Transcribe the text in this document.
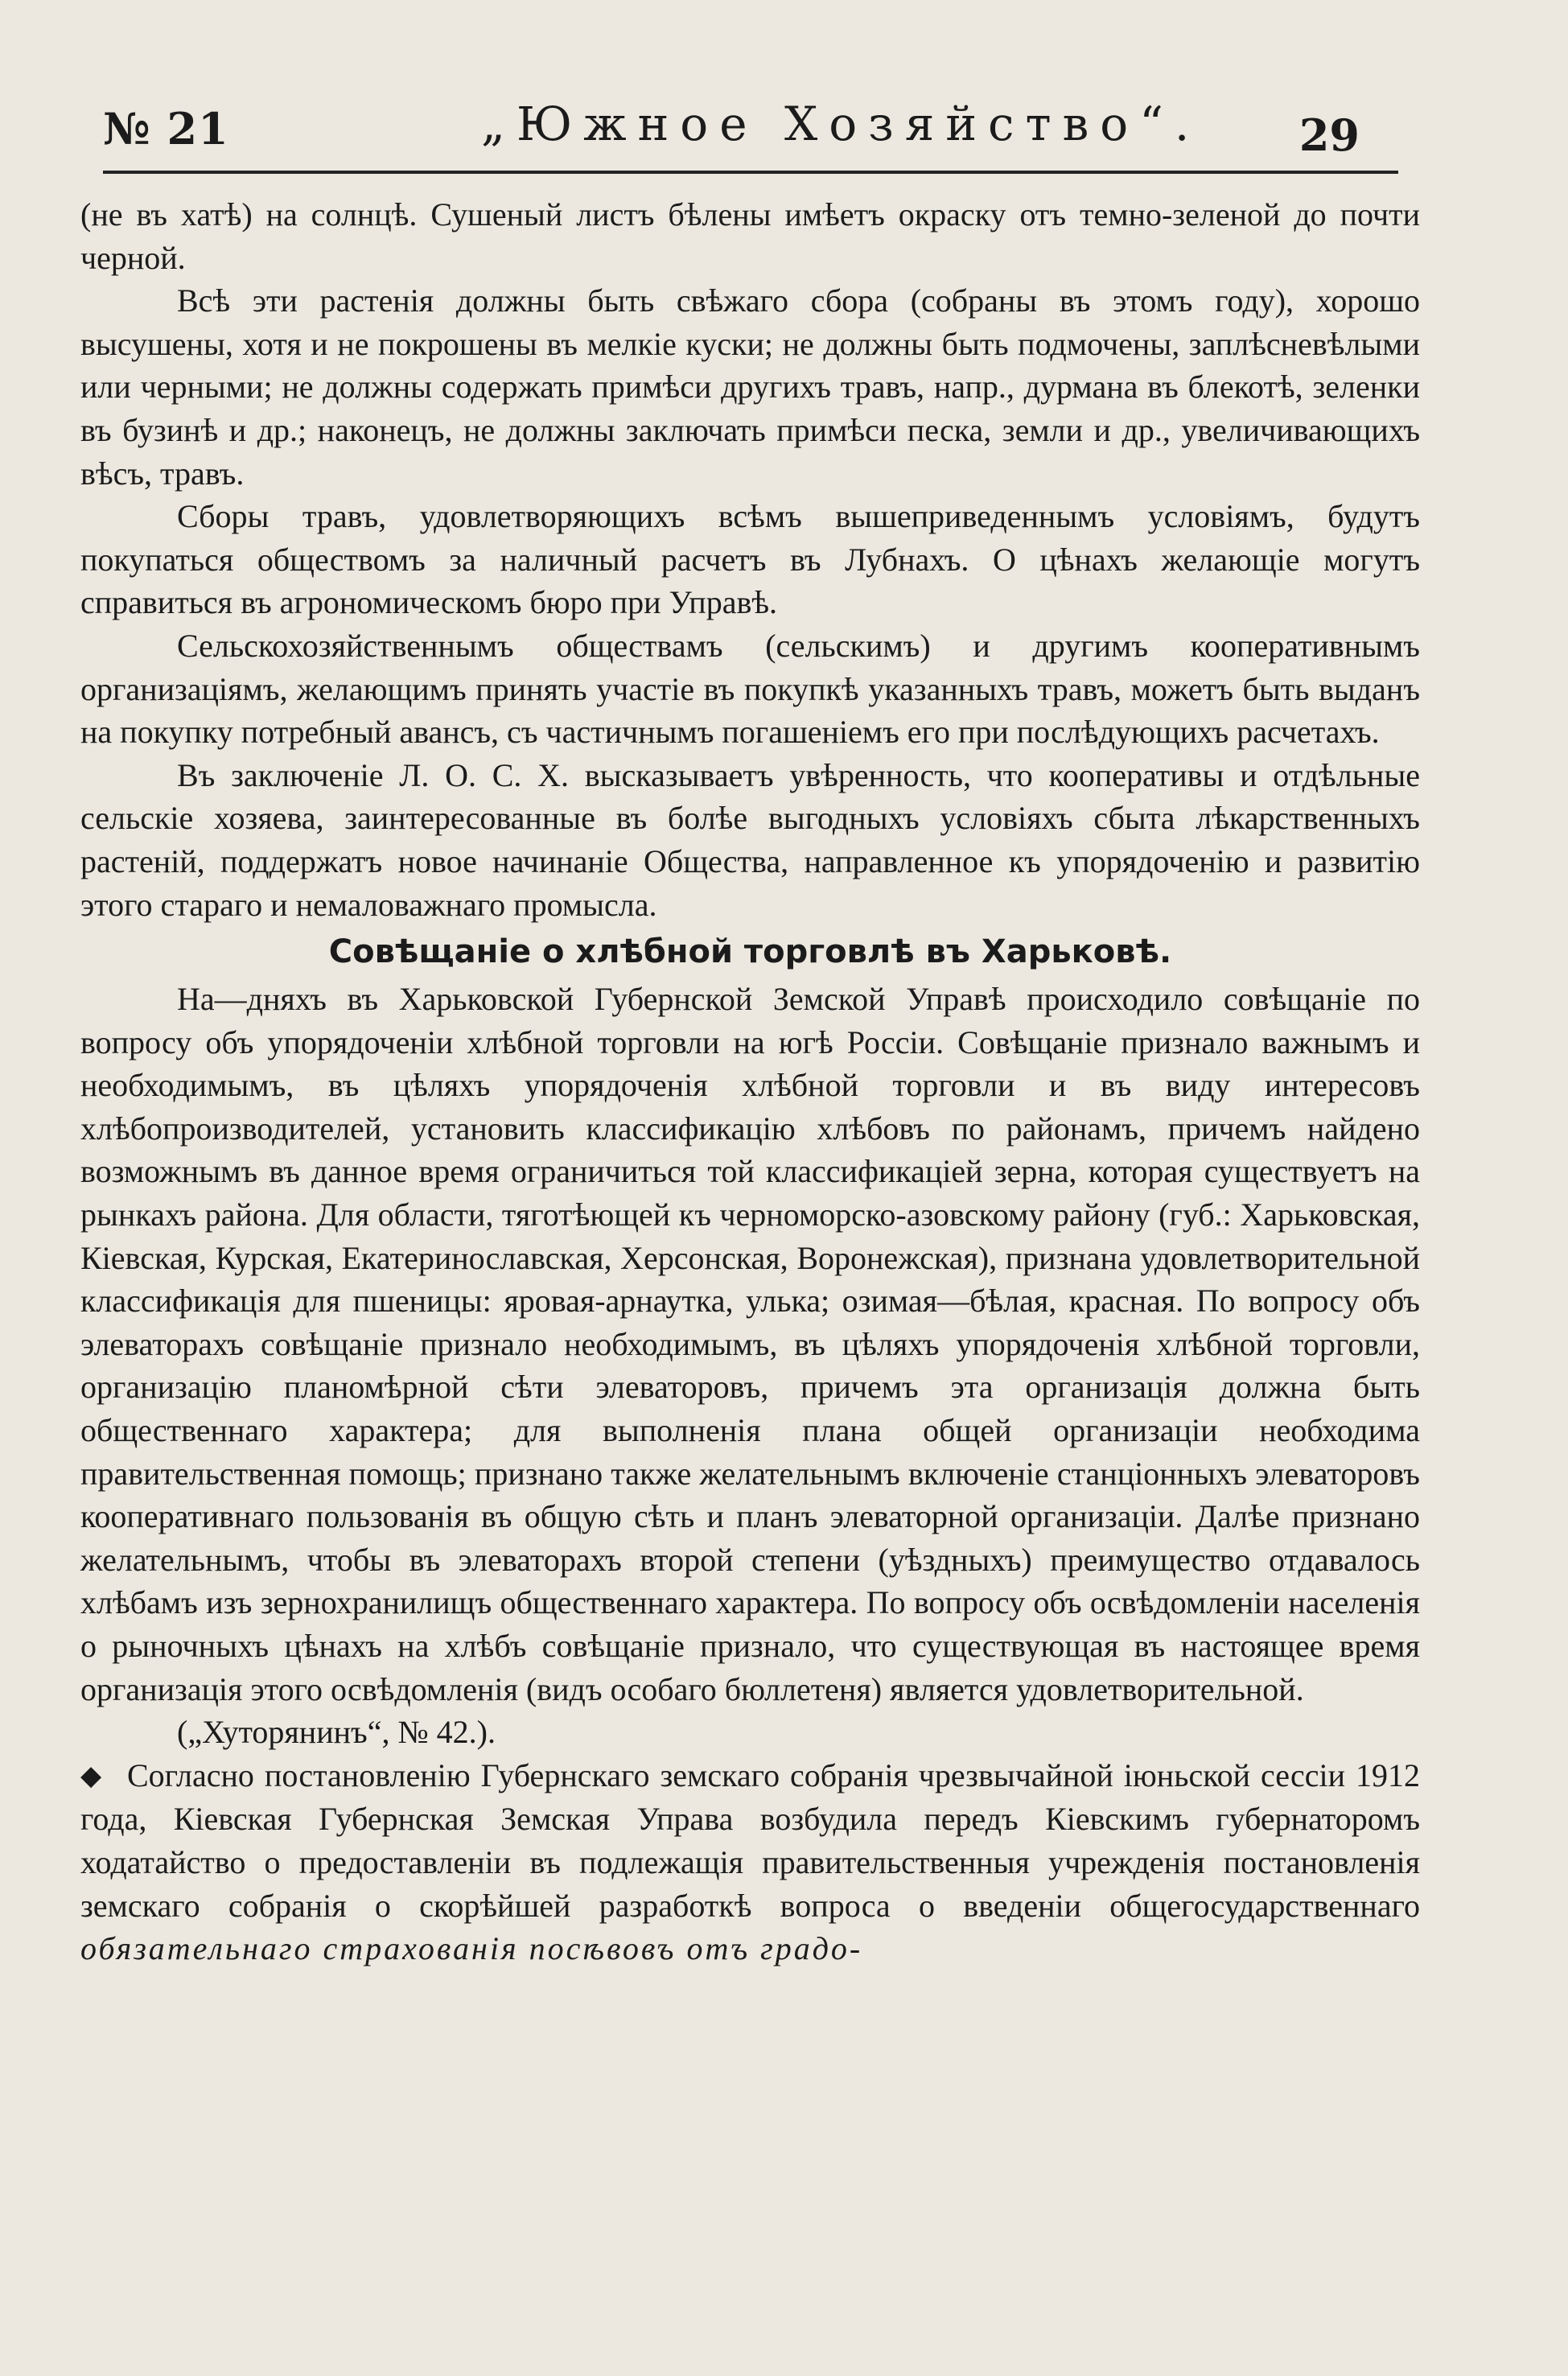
№ 21	„Южное Хозяйство“. 29

(не въ хатѣ) на солнцѣ. Сушеный листъ бѣлены имѣетъ окраску отъ темно-зеленой до почти черной.

Всѣ эти растенія должны быть свѣжаго сбора (собраны въ этомъ году), хорошо высушены, хотя и не покрошены въ мелкіе куски; не должны быть подмочены, заплѣсневѣлыми или черными; не должны содержать примѣси другихъ травъ, напр., дурмана въ блекотѣ, зеленки въ бузинѣ и др.; наконецъ, не должны заключать примѣси песка, земли и др., увеличивающихъ вѣсъ, травъ.

Сборы травъ, удовлетворяющихъ всѣмъ вышеприведеннымъ условіямъ, будутъ покупаться обществомъ за наличный расчетъ въ Лубнахъ. О цѣнахъ желающіе могутъ справиться въ агрономическомъ бюро при Управѣ.

Сельскохозяйственнымъ обществамъ (сельскимъ) и другимъ кооперативнымъ организаціямъ, желающимъ принять участіе въ покупкѣ указанныхъ травъ, можетъ быть выданъ на покупку потребный авансъ, съ частичнымъ погашеніемъ его при послѣдующихъ расчетахъ.

Въ заключеніе Л. О. С. Х. высказываетъ увѣренность, что кооперативы и отдѣльные сельскіе хозяева, заинтересованные въ болѣе выгодныхъ условіяхъ сбыта лѣкарственныхъ растеній, поддержатъ новое начинаніе Общества, направленное къ упорядоченію и развитію этого стараго и немаловажнаго промысла.

Совѣщаніе о хлѣбной торговлѣ въ Харьковѣ.

На—дняхъ въ Харьковской Губернской Земской Управѣ происходило совѣщаніе по вопросу объ упорядоченіи хлѣбной торговли на югѣ Россіи. Совѣщаніе признало важнымъ и необходимымъ, въ цѣляхъ упорядоченія хлѣбной торговли и въ виду интересовъ хлѣбопроизводителей, установить классификацію хлѣбовъ по районамъ, причемъ найдено возможнымъ въ данное время ограничиться той классификаціей зерна, которая существуетъ на рынкахъ района. Для области, тяготѣющей къ черноморско-азовскому району (губ.: Харьковская, Кіевская, Курская, Екатеринославская, Херсонская, Воронежская), признана удовлетворительной классификація для пшеницы: яровая-арнаутка, улька; озимая—бѣлая, красная. По вопросу объ элеваторахъ совѣщаніе признало необходимымъ, въ цѣляхъ упорядоченія хлѣбной торговли, организацію планомѣрной сѣти элеваторовъ, причемъ эта организація должна быть общественнаго характера; для выполненія плана общей организаціи необходима правительственная помощь; признано также желательнымъ включеніе станціонныхъ элеваторовъ кооперативнаго пользованія въ общую сѣть и планъ элеваторной организаціи. Далѣе признано желательнымъ, чтобы въ элеваторахъ второй степени (уѣздныхъ) преимущество отдавалось хлѣбамъ изъ зернохранилищъ общественнаго характера. По вопросу объ освѣдомленіи населенія о рыночныхъ цѣнахъ на хлѣбъ совѣщаніе признало, что существующая въ настоящее время организація этого освѣдомленія (видъ особаго бюллетеня) является удовлетворительной.

(„Хуторянинъ“, № 42.).

◆ Согласно постановленію Губернскаго земскаго собранія чрезвычайной іюньской сессіи 1912 года, Кіевская Губернская Земская Управа возбудила передъ Кіевскимъ губернаторомъ ходатайство о предоставленіи въ подлежащія правительственныя учрежденія постановленія земскаго собранія о скорѣйшей разработкѣ вопроса о введеніи общегосударственнаго обязательнаго страхованія посѣвовъ отъ градо-
